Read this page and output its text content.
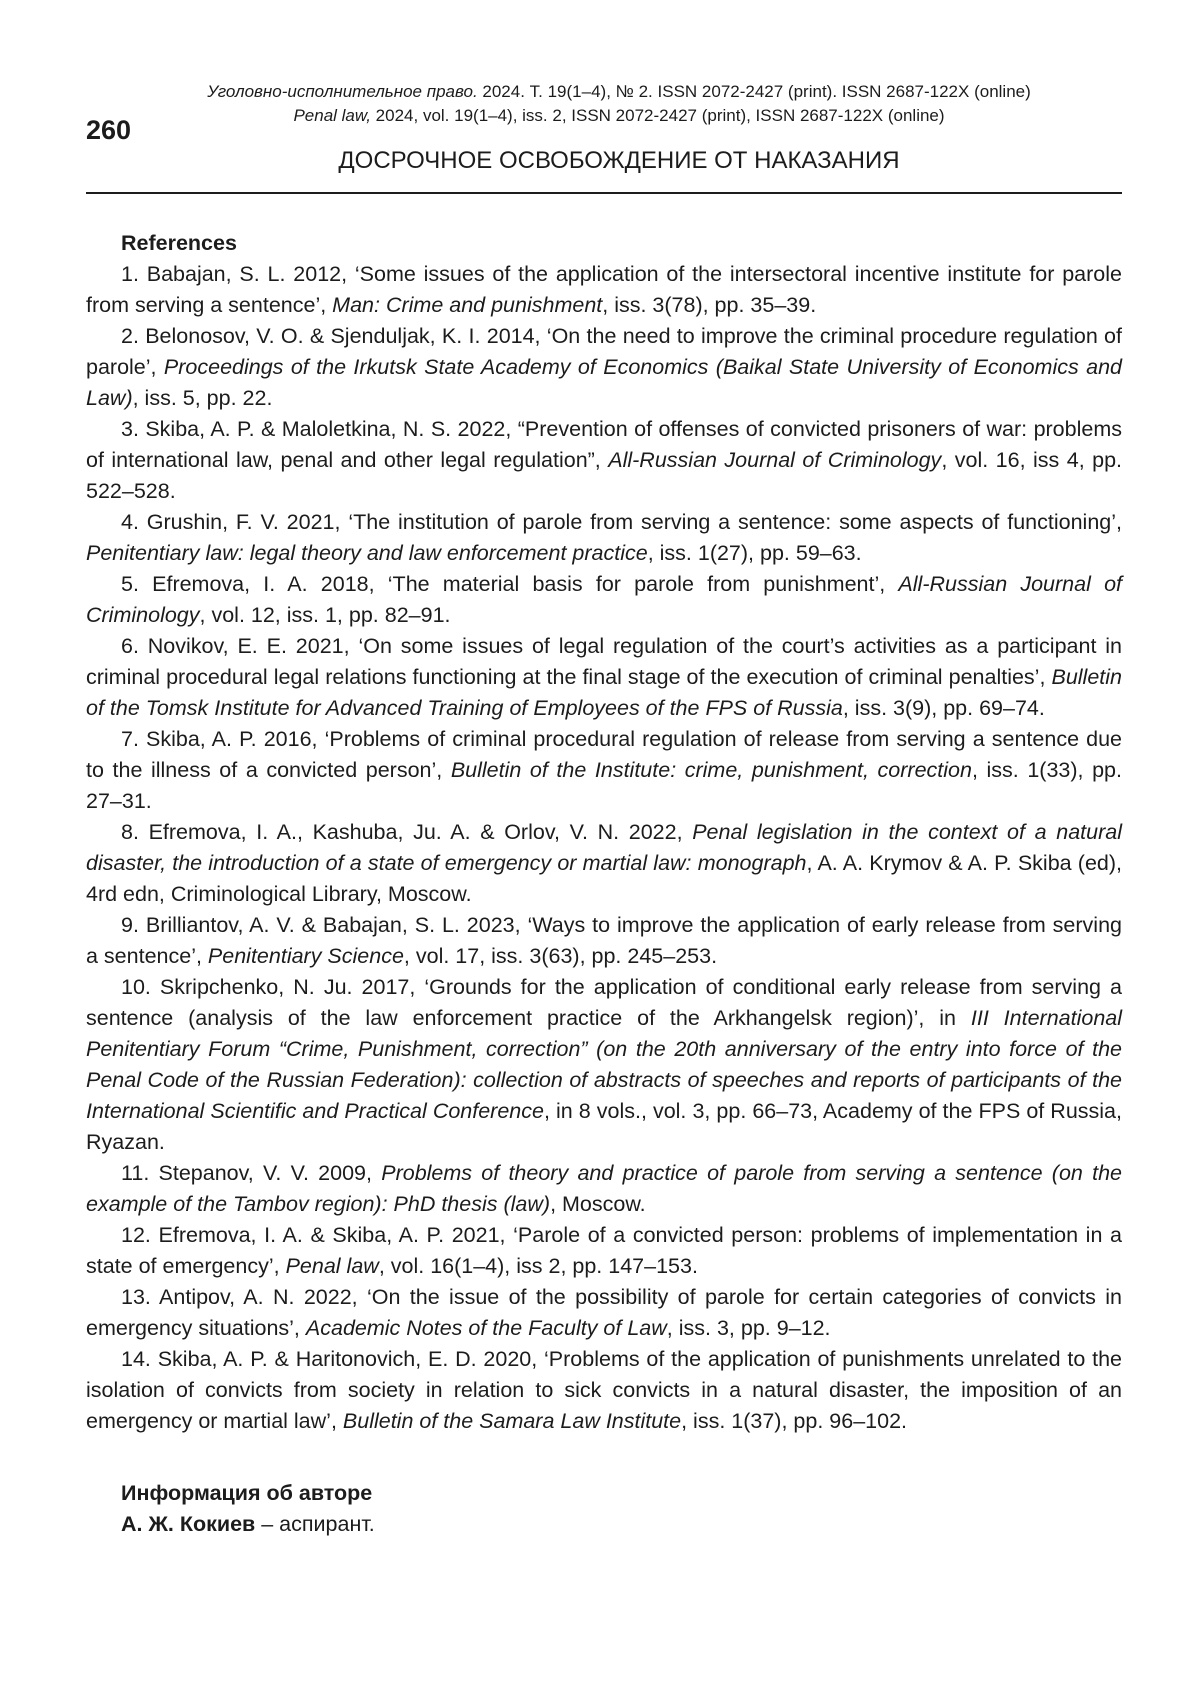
Уголовно-исполнительное право. 2024. Т. 19(1–4), № 2. ISSN 2072-2427 (print). ISSN 2687-122X (online)
Penal law, 2024, vol. 19(1–4), iss. 2, ISSN 2072-2427 (print), ISSN 2687-122X (online)
260
ДОСРОЧНОЕ ОСВОБОЖДЕНИЕ ОТ НАКАЗАНИЯ

References

1. Babajan, S. L. 2012, ‘Some issues of the application of the intersectoral incentive institute for parole from serving a sentence’, Man: Crime and punishment, iss. 3(78), pp. 35–39.

2. Belonosov, V. O. & Sjenduljak, K. I. 2014, ‘On the need to improve the criminal procedure regulation of parole’, Proceedings of the Irkutsk State Academy of Economics (Baikal State University of Economics and Law), iss. 5, pp. 22.

3. Skiba, A. P. & Maloletkina, N. S. 2022, “Prevention of offenses of convicted prisoners of war: problems of international law, penal and other legal regulation”, All-Russian Journal of Criminology, vol. 16, iss 4, pp. 522–528.

4. Grushin, F. V. 2021, ‘The institution of parole from serving a sentence: some aspects of functioning’, Penitentiary law: legal theory and law enforcement practice, iss. 1(27), pp. 59–63.

5. Efremova, I. A. 2018, ‘The material basis for parole from punishment’, All-Russian Journal of Criminology, vol. 12, iss. 1, pp. 82–91.

6. Novikov, E. E. 2021, ‘On some issues of legal regulation of the court’s activities as a participant in criminal procedural legal relations functioning at the final stage of the execution of criminal penalties’, Bulletin of the Tomsk Institute for Advanced Training of Employees of the FPS of Russia, iss. 3(9), pp. 69–74.

7. Skiba, A. P. 2016, ‘Problems of criminal procedural regulation of release from serving a sentence due to the illness of a convicted person’, Bulletin of the Institute: crime, punishment, correction, iss. 1(33), pp. 27–31.

8. Efremova, I. A., Kashuba, Ju. A. & Orlov, V. N. 2022, Penal legislation in the context of a natural disaster, the introduction of a state of emergency or martial law: monograph, A. A. Krymov & A. P. Skiba (ed), 4rd edn, Criminological Library, Moscow.

9. Brilliantov, A. V. & Babajan, S. L. 2023, ‘Ways to improve the application of early release from serving a sentence’, Penitentiary Science, vol. 17, iss. 3(63), pp. 245–253.

10. Skripchenko, N. Ju. 2017, ‘Grounds for the application of conditional early release from serving a sentence (analysis of the law enforcement practice of the Arkhangelsk region)’, in III International Penitentiary Forum “Crime, Punishment, correction” (on the 20th anniversary of the entry into force of the Penal Code of the Russian Federation): collection of abstracts of speeches and reports of participants of the International Scientific and Practical Conference, in 8 vols., vol. 3, pp. 66–73, Academy of the FPS of Russia, Ryazan.

11. Stepanov, V. V. 2009, Problems of theory and practice of parole from serving a sentence (on the example of the Tambov region): PhD thesis (law), Moscow.

12. Efremova, I. A. & Skiba, A. P. 2021, ‘Parole of a convicted person: problems of implementation in a state of emergency’, Penal law, vol. 16(1–4), iss 2, pp. 147–153.

13. Antipov, A. N. 2022, ‘On the issue of the possibility of parole for certain categories of convicts in emergency situations’, Academic Notes of the Faculty of Law, iss. 3, pp. 9–12.

14. Skiba, A. P. & Haritonovich, E. D. 2020, ‘Problems of the application of punishments unrelated to the isolation of convicts from society in relation to sick convicts in a natural disaster, the imposition of an emergency or martial law’, Bulletin of the Samara Law Institute, iss. 1(37), pp. 96–102.

Информация об авторе

А. Ж. Кокиев – аспирант.
